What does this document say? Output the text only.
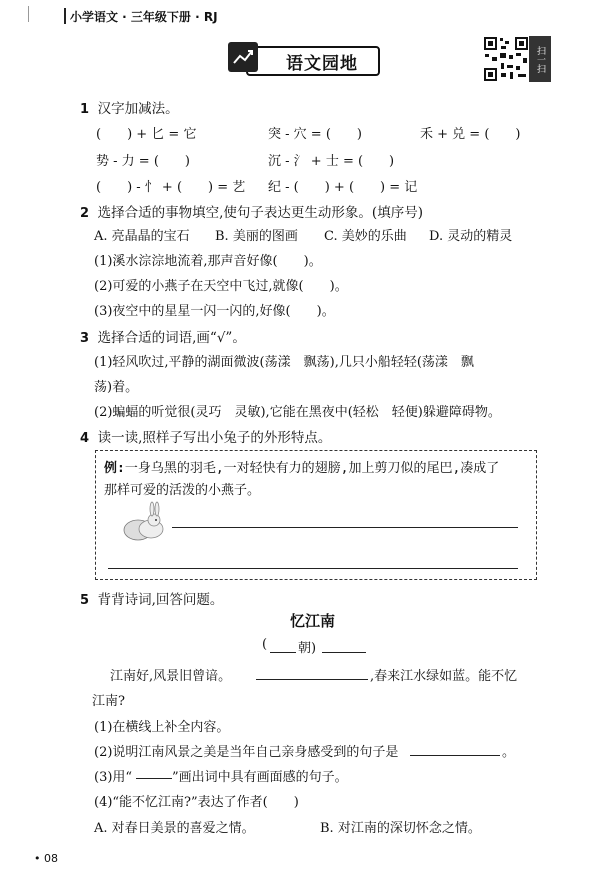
小学语文 · 三年级下册 · RJ
语文园地	扫一扫
1 汉字加减法。
(　　) + 匕 = 它	突 - 穴 = (　　)	禾 + 兑 = (　　)
势 - 力 = (　　)	沉 - 氵 + 士 = (　　)
(　　) - 忄 + (　　) = 艺 纪 - (　　) + (　　) = 记
2 选择合适的事物填空,使句子表达更生动形象。(填序号)
A. 亮晶晶的宝石 B. 美丽的图画 C. 美妙的乐曲 D. 灵动的精灵
(1)溪水淙淙地流着,那声音好像(　　)。
(2)可爱的小燕子在天空中飞过,就像(　　)。
(3)夜空中的星星一闪一闪的,好像(　　)。
3 选择合适的词语,画“√”。
(1)轻风吹过,平静的湖面微波(荡漾　飘荡),几只小船轻轻(荡漾　飘
荡)着。
(2)蝙蝠的听觉很(灵巧　灵敏),它能在黑夜中(轻松　轻便)躲避障碍物。
4 读一读,照样子写出小兔子的外形特点。
例:一身乌黑的羽毛,一对轻快有力的翅膀,加上剪刀似的尾巴,凑成了
那样可爱的活泼的小燕子。
5 背背诗词,回答问题。
忆江南
( 朝)
江南好,风景旧曾谙。	,春来江水绿如蓝。能不忆
江南?
(1)在横线上补全内容。
(2)说明江南风景之美是当年自己亲身感受到的句子是	。
(3)用“	”画出词中具有画面感的句子。
(4)“能不忆江南?”表达了作者(　　)
A. 对春日美景的喜爱之情。	B. 对江南的深切怀念之情。
• 08
